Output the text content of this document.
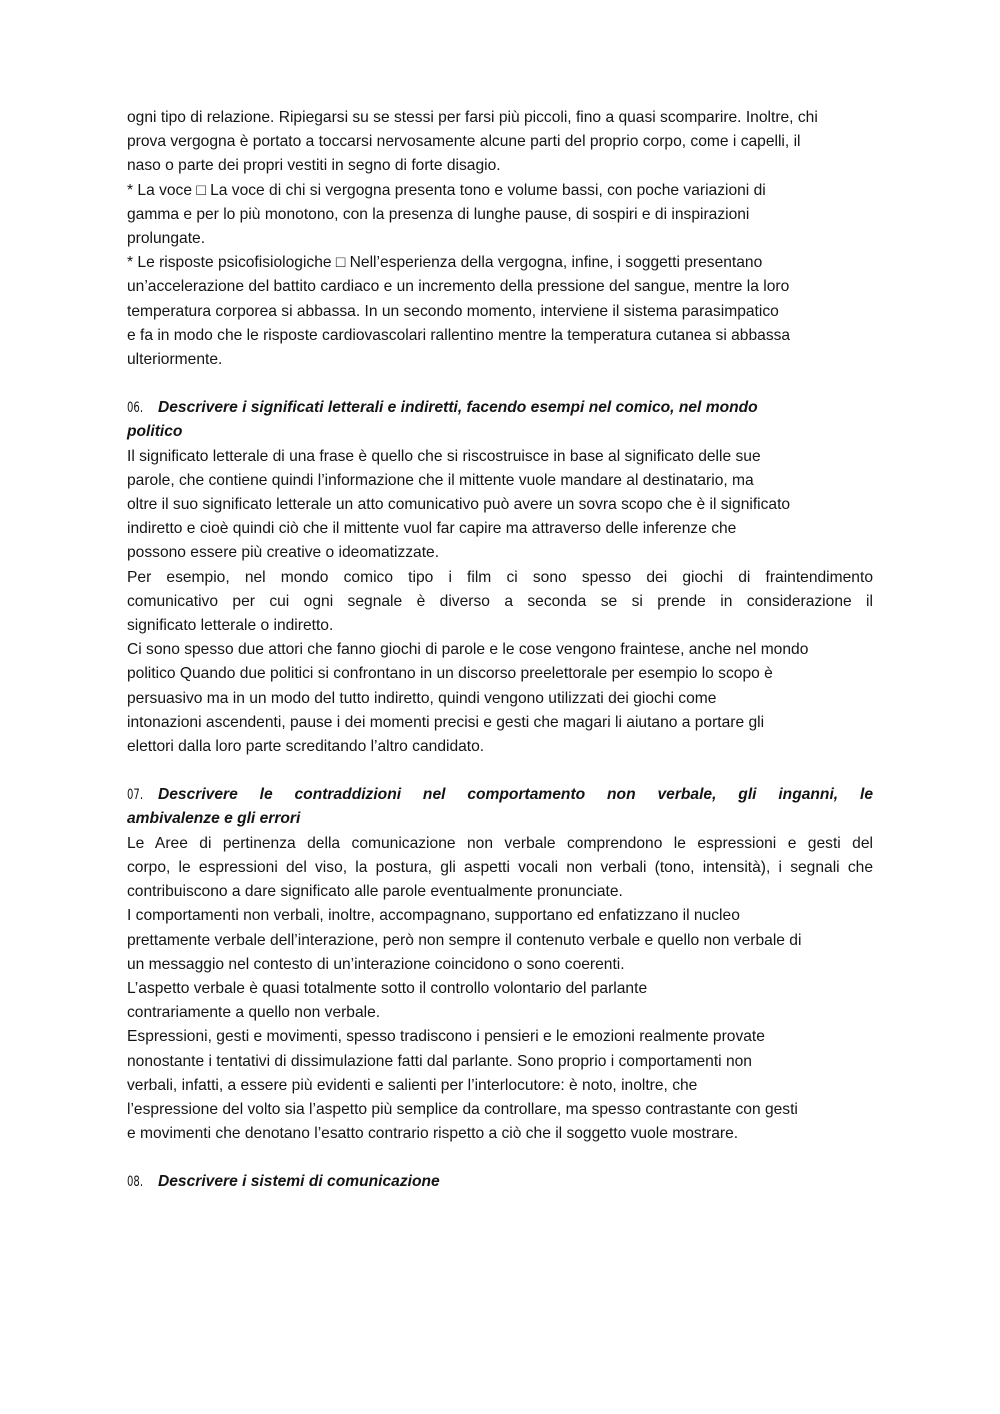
ogni tipo di relazione. Ripiegarsi su se stessi per farsi più piccoli, fino a quasi scomparire. Inoltre, chi
prova vergogna è portato a toccarsi nervosamente alcune parti del proprio corpo, come i capelli, il
naso o parte dei propri vestiti in segno di forte disagio.
* La voce □ La voce di chi si vergogna presenta tono e volume bassi, con poche variazioni di
gamma e per lo più monotono, con la presenza di lunghe pause, di sospiri e di inspirazioni
prolungate.
* Le risposte psicofisiologiche □ Nell’esperienza della vergogna, infine, i soggetti presentano
un’accelerazione del battito cardiaco e un incremento della pressione del sangue, mentre la loro
temperatura corporea si abbassa. In un secondo momento, interviene il sistema parasimpatico
e fa in modo che le risposte cardiovascolari rallentino mentre la temperatura cutanea si abbassa
ulteriormente.
06. Descrivere i significati letterali e indiretti, facendo esempi nel comico, nel mondo
politico
Il significato letterale di una frase è quello che si riscostruisce in base al significato delle sue
parole, che contiene quindi l’informazione che il mittente vuole mandare al destinatario, ma
oltre il suo significato letterale un atto comunicativo può avere un sovra scopo che è il significato
indiretto e cioè quindi ciò che il mittente vuol far capire ma attraverso delle inferenze che
possono essere più creative o ideomatizzate.
Per esempio, nel mondo comico tipo i film ci sono spesso dei giochi di fraintendimento
comunicativo per cui ogni segnale è diverso a seconda se si prende in considerazione il
significato letterale o indiretto.
Ci sono spesso due attori che fanno giochi di parole e le cose vengono fraintese, anche nel mondo
politico Quando due politici si confrontano in un discorso preelettorale per esempio lo scopo è
persuasivo ma in un modo del tutto indiretto, quindi vengono utilizzati dei giochi come
intonazioni ascendenti, pause i dei momenti precisi e gesti che magari li aiutano a portare gli
elettori dalla loro parte screditando l’altro candidato.
07. Descrivere le contraddizioni nel comportamento non verbale, gli inganni, le
ambivalenze e gli errori
Le Aree di pertinenza della comunicazione non verbale comprendono le espressioni e gesti del
corpo, le espressioni del viso, la postura, gli aspetti vocali non verbali (tono, intensità), i segnali che
contribuiscono a dare significato alle parole eventualmente pronunciate.
I comportamenti non verbali, inoltre, accompagnano, supportano ed enfatizzano il nucleo
prettamente verbale dell’interazione, però non sempre il contenuto verbale e quello non verbale di
un messaggio nel contesto di un’interazione coincidono o sono coerenti.
L’aspetto verbale è quasi totalmente sotto il controllo volontario del parlante
contrariamente a quello non verbale.
Espressioni, gesti e movimenti, spesso tradiscono i pensieri e le emozioni realmente provate
nonostante i tentativi di dissimulazione fatti dal parlante. Sono proprio i comportamenti non
verbali, infatti, a essere più evidenti e salienti per l’interlocutore: è noto, inoltre, che
l’espressione del volto sia l’aspetto più semplice da controllare, ma spesso contrastante con gesti
e movimenti che denotano l’esatto contrario rispetto a ciò che il soggetto vuole mostrare.
08. Descrivere i sistemi di comunicazione
